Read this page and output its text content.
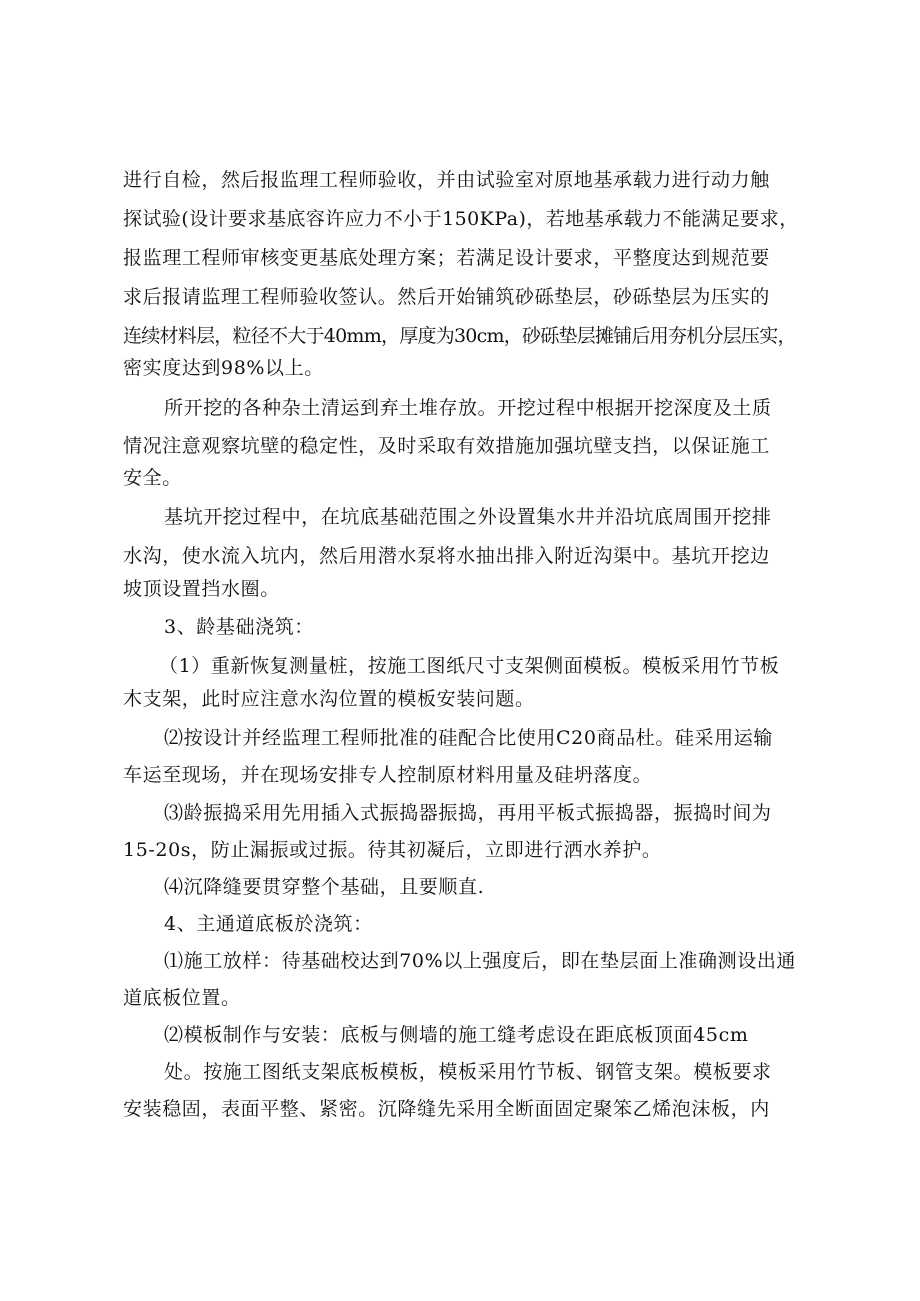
进行自检，然后报监理工程师验收，并由试验室对原地基承载力进行动力触
探试验(设计要求基底容许应力不小于150KPa)，若地基承载力不能满足要求，
报监理工程师审核变更基底处理方案；若满足设计要求，平整度达到规范要
求后报请监理工程师验收签认。然后开始铺筑砂砾垫层，砂砾垫层为压实的
连续材料层，粒径不大于40mm，厚度为30cm，砂砾垫层摊铺后用夯机分层压实，
密实度达到98%以上。
所开挖的各种杂土清运到弃土堆存放。开挖过程中根据开挖深度及土质
情况注意观察坑壁的稳定性，及时采取有效措施加强坑壁支挡，以保证施工
安全。
基坑开挖过程中，在坑底基础范围之外设置集水井并沿坑底周围开挖排
水沟，使水流入坑内，然后用潜水泵将水抽出排入附近沟渠中。基坑开挖边
坡顶设置挡水圈。
3、龄基础浇筑：
（1）重新恢复测量桩，按施工图纸尺寸支架侧面模板。模板采用竹节板
木支架，此时应注意水沟位置的模板安装问题。
⑵按设计并经监理工程师批准的硅配合比使用C20商品杜。硅采用运输
车运至现场，并在现场安排专人控制原材料用量及硅坍落度。
⑶龄振捣采用先用插入式振捣器振捣，再用平板式振捣器，振捣时间为
15-20s，防止漏振或过振。待其初凝后，立即进行洒水养护。
⑷沉降缝要贯穿整个基础，且要顺直.
4、主通道底板於浇筑：
⑴施工放样：待基础校达到70%以上强度后，即在垫层面上准确测设出通
道底板位置。
⑵模板制作与安装：底板与侧墙的施工缝考虑设在距底板顶面45cm
处。按施工图纸支架底板模板，模板采用竹节板、钢管支架。模板要求
安装稳固，表面平整、紧密。沉降缝先采用全断面固定聚笨乙烯泡沫板，内
